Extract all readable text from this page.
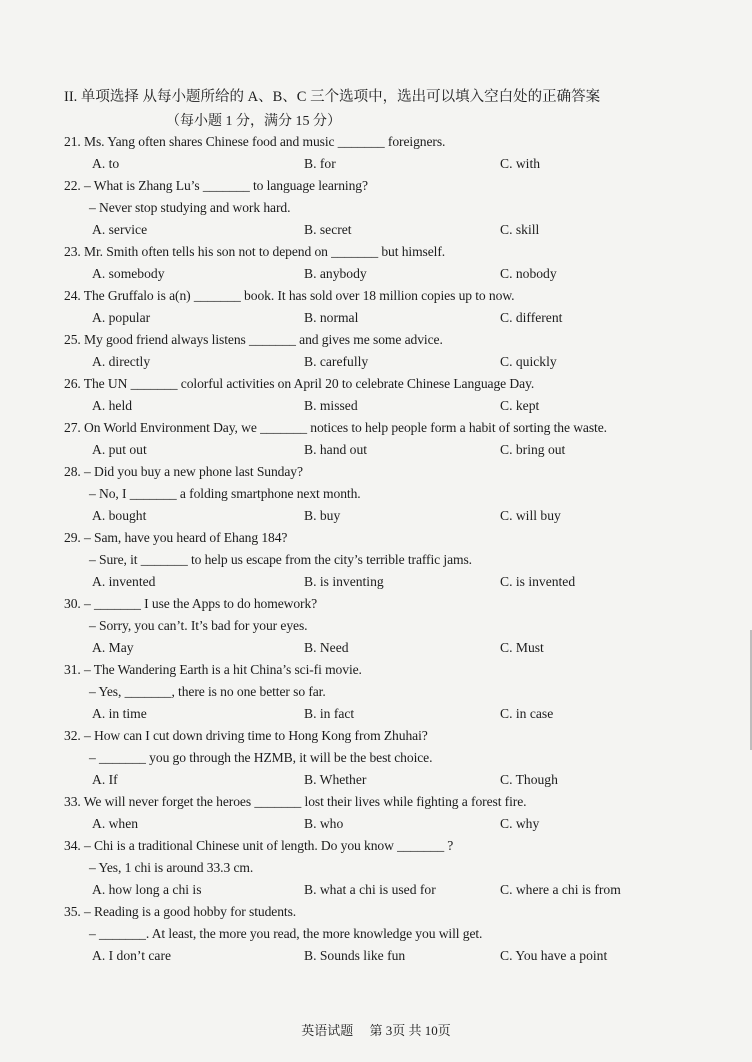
II. 单项选择 从每小题所给的 A、B、C 三个选项中，选出可以填入空白处的正确答案
（每小题 1 分，满分 15 分）
21. Ms. Yang often shares Chinese food and music _______ foreigners.
A. to	B. for	C. with
22. – What is Zhang Lu’s _______ to language learning?
– Never stop studying and work hard.
A. service	B. secret	C. skill
23. Mr. Smith often tells his son not to depend on _______ but himself.
A. somebody	B. anybody	C. nobody
24. The Gruffalo is a(n) _______ book. It has sold over 18 million copies up to now.
A. popular	B. normal	C. different
25. My good friend always listens _______ and gives me some advice.
A. directly	B. carefully	C. quickly
26. The UN _______ colorful activities on April 20 to celebrate Chinese Language Day.
A. held	B. missed	C. kept
27. On World Environment Day, we _______ notices to help people form a habit of sorting the waste.
A. put out	B. hand out	C. bring out
28. – Did you buy a new phone last Sunday?
– No, I _______ a folding smartphone next month.
A. bought	B. buy	C. will buy
29. – Sam, have you heard of Ehang 184?
– Sure, it _______ to help us escape from the city’s terrible traffic jams.
A. invented	B. is inventing	C. is invented
30. – _______ I use the Apps to do homework?
– Sorry, you can’t. It’s bad for your eyes.
A. May	B. Need	C. Must
31. – The Wandering Earth is a hit China’s sci-fi movie.
– Yes, _______, there is no one better so far.
A. in time	B. in fact	C. in case
32. – How can I cut down driving time to Hong Kong from Zhuhai?
– _______ you go through the HZMB, it will be the best choice.
A. If	B. Whether	C. Though
33. We will never forget the heroes _______ lost their lives while fighting a forest fire.
A. when	B. who	C. why
34. – Chi is a traditional Chinese unit of length. Do you know _______ ?
– Yes, 1 chi is around 33.3 cm.
A. how long a chi is	B. what a chi is used for	C. where a chi is from
35. – Reading is a good hobby for students.
– _______. At least, the more you read, the more knowledge you will get.
A. I don’t care	B. Sounds like fun	C. You have a point
英语试题　 第 3页 共 10页
